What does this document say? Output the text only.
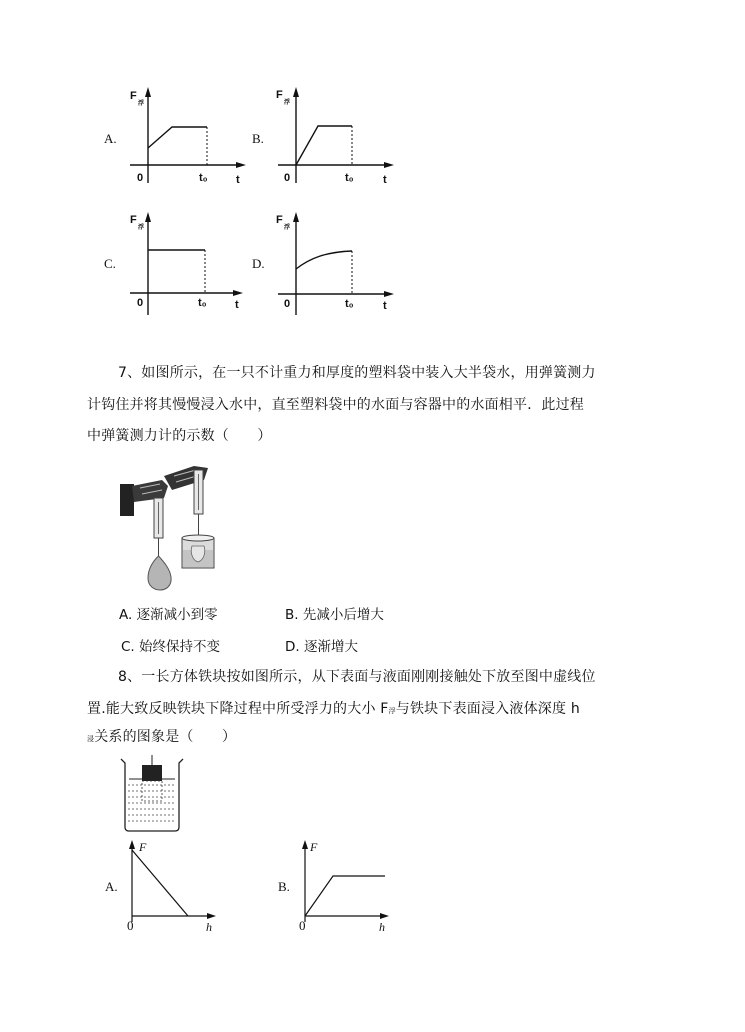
F
浮
A.
0	t₀	t
F
浮
B.
0	t₀	t
F
浮
C.
0	t₀	t
F
浮
D.
0	t₀	t
7、如图所示，在一只不计重力和厚度的塑料袋中装入大半袋水，用弹簧测力
计钩住并将其慢慢浸入水中，直至塑料袋中的水面与容器中的水面相平．此过程
中弹簧测力计的示数（　　）
A. 逐渐减小到零	B. 先减小后增大
C. 始终保持不变	D. 逐渐增大
8、一长方体铁块按如图所示，从下表面与液面刚刚接触处下放至图中虚线位
置.能大致反映铁块下降过程中所受浮力的大小 F浮与铁块下表面浸入液体深度 h
浸关系的图象是（　　）
F
A.
0	h
F
B.
0	h
